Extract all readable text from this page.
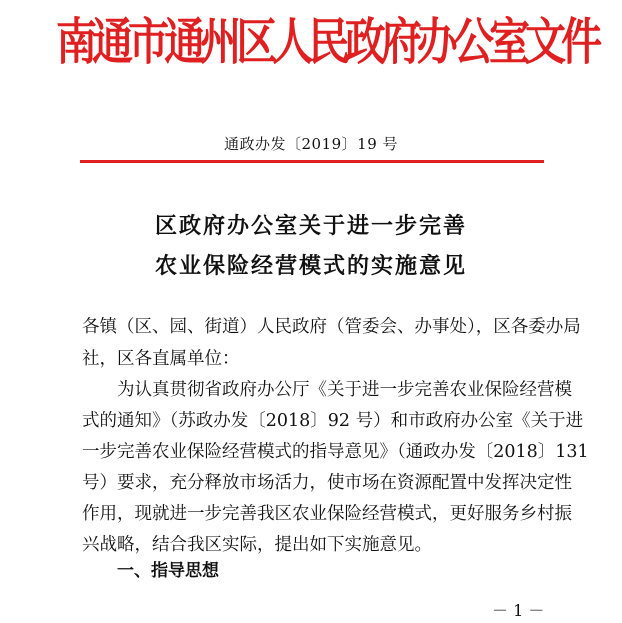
南通市通州区人民政府办公室文件
通政办发〔2019〕19 号
区政府办公室关于进一步完善
农业保险经营模式的实施意见
各镇（区、园、街道）人民政府（管委会、办事处），区各委办局
社，区各直属单位：
为认真贯彻省政府办公厅《关于进一步完善农业保险经营模
式的通知》（苏政办发〔2018〕92 号）和市政府办公室《关于进
一步完善农业保险经营模式的指导意见》（通政办发〔2018〕131
号）要求，充分释放市场活力，使市场在资源配置中发挥决定性
作用，现就进一步完善我区农业保险经营模式，更好服务乡村振
兴战略，结合我区实际，提出如下实施意见。
一、指导思想
－ 1 －
